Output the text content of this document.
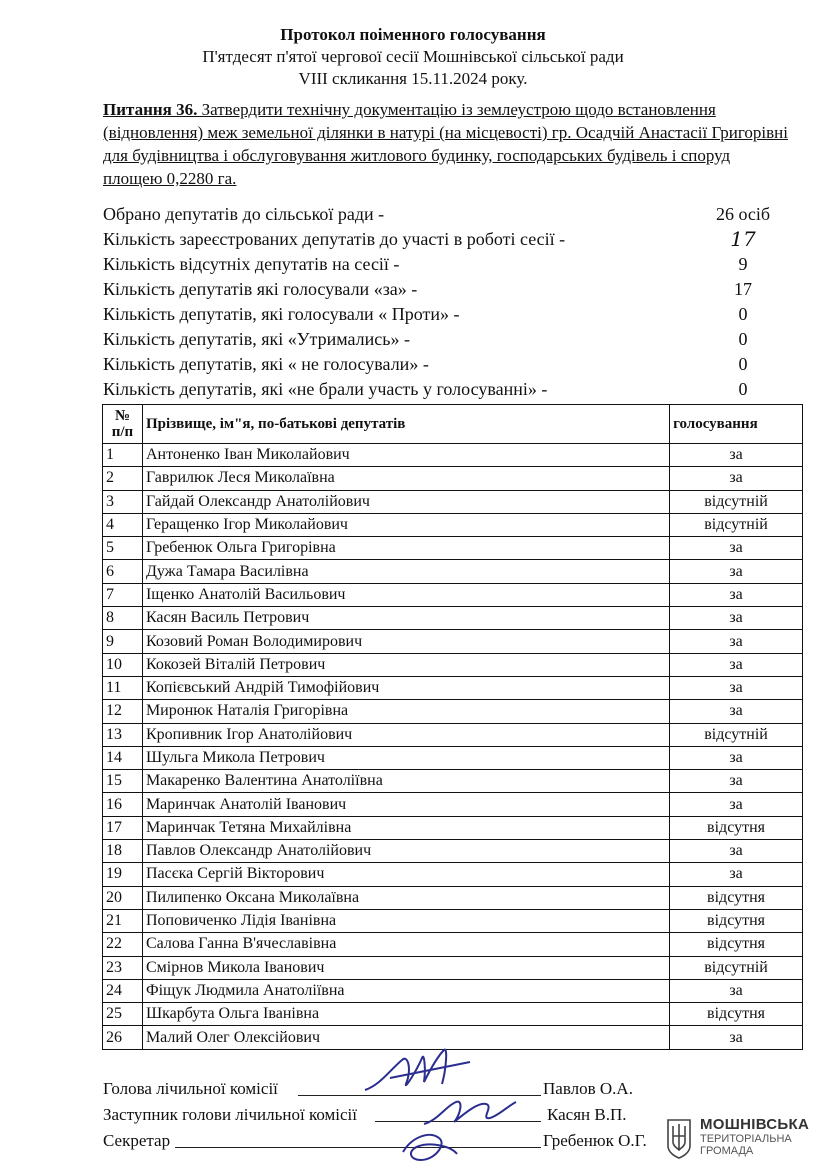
Протокол поіменного голосування
П'ятдесят п'ятої чергової сесії Мошнівської сільської ради
VIII скликання 15.11.2024 року.
Питання 36. Затвердити технічну документацію із землеустрою щодо встановлення (відновлення) меж земельної ділянки в натурі (на місцевості) гр. Осадчій Анастасії Григорівні для будівництва і обслуговування житлового будинку, господарських будівель і споруд площею 0,2280 га.
Обрано депутатів до сільської ради -	26 осіб
Кількість зареєстрованих депутатів до участі в роботі сесії -	17
Кількість відсутніх депутатів на сесії -	9
Кількість депутатів які голосували «за» -	17
Кількість депутатів, які голосували « Проти» -	0
Кількість депутатів, які «Утримались» -	0
Кількість депутатів, які « не голосували» -	0
Кількість депутатів, які «не брали участь у голосуванні» -	0
№
п/п	Прізвище, ім"я, по-батькові депутатів	голосування
1	Антоненко Іван Миколайович	за
2	Гаврилюк Леся Миколаївна	за
3	Гайдай Олександр Анатолійович	відсутній
4	Геращенко Ігор Миколайович	відсутній
5	Гребенюк Ольга Григорівна	за
6	Дужа Тамара Василівна	за
7	Іщенко Анатолій Васильович	за
8	Касян Василь Петрович	за
9	Козовий Роман Володимирович	за
10	Кокозей Віталій Петрович	за
11	Копієвський Андрій Тимофійович	за
12	Миронюк Наталія Григорівна	за
13	Кропивник Ігор Анатолійович	відсутній
14	Шульга Микола Петрович	за
15	Макаренко Валентина Анатоліївна	за
16	Маринчак Анатолій Іванович	за
17	Маринчак Тетяна Михайлівна	відсутня
18	Павлов Олександр Анатолійович	за
19	Пасєка Сергій Вікторович	за
20	Пилипенко Оксана Миколаївна	відсутня
21	Поповиченко Лідія Іванівна	відсутня
22	Салова Ганна В'ячеславівна	відсутня
23	Смірнов Микола Іванович	відсутній
24	Фіщук Людмила Анатоліївна	за
25	Шкарбута Ольга Іванівна	відсутня
26	Малий Олег Олексійович	за
Голова лічильної комісії	Павлов О.А.
Заступник голови лічильної комісії	Касян В.П.
Секретар	Гребенюк О.Г.
МОШНІВСЬКА
ТЕРИТОРІАЛЬНА
ГРОМАДА
